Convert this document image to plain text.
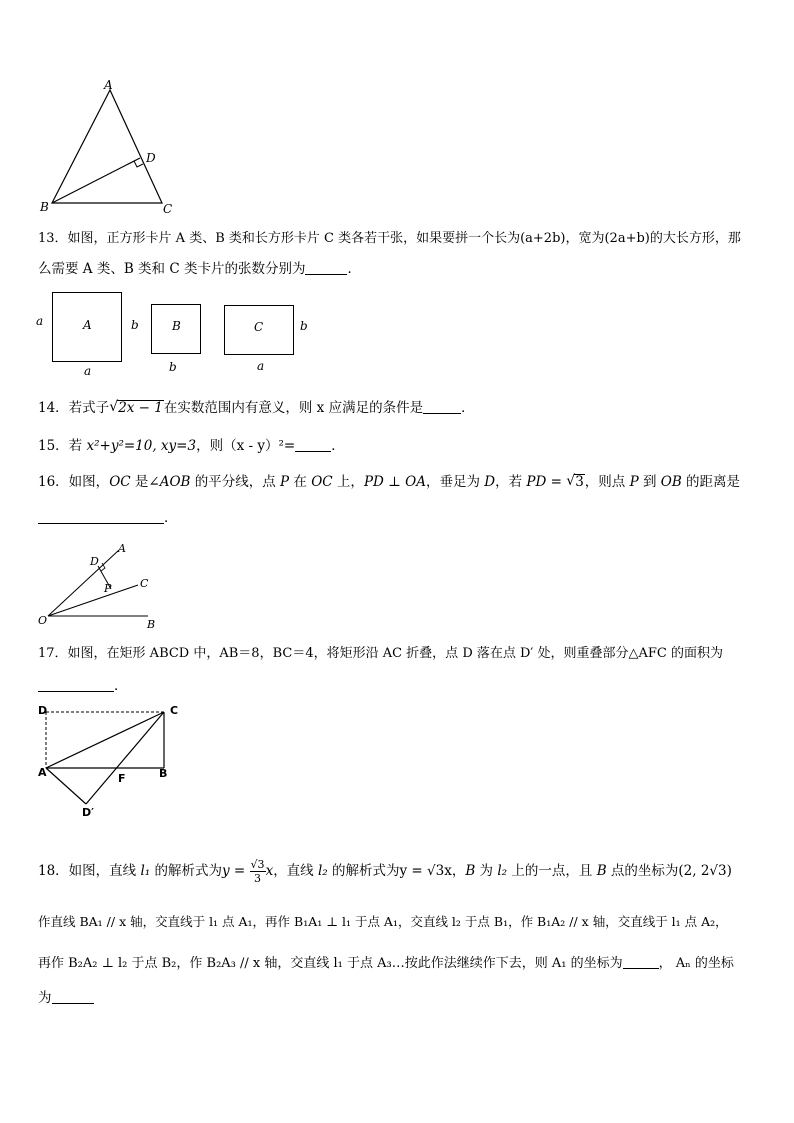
A
B	C
D
13．如图，正方形卡片 A 类、B 类和长方形卡片 C 类各若干张，如果要拼一个长为(a+2b)，宽为(2a+b)的大长方形，那
么需要 A 类、B 类和 C 类卡片的张数分别为	．
a	A
a
b	B
b
C	b
a
14．若式子 √ 2x − 1在实数范围内有意义，则 x 应满足的条件是	．
15．若 x²+y²=10, xy=3，则（x - y）²=	．
16．如图，OC 是∠AOB 的平分线，点 P 在 OC 上，PD ⊥ OA，垂足为 D，若 PD = √ 3，则点 P 到 OB 的距离是
．
O
A
B
C
D
P
17．如图，在矩形 ABCD 中，AB＝8，BC＝4，将矩形沿 AC 折叠，点 D 落在点 D′ 处，则重叠部分△AFC 的面积为
．
D	C
A	B
F
D′
18．如图，直线 l₁ 的解析式为$y = \frac{√3}{3}$ x，直线 l₂ 的解析式为y = √3x，B 为 l₂ 上的一点，且 B 点的坐标为(2, 2√3)
作直线 BA₁ // x 轴，交直线于 l₁ 点 A₁，再作 B₁A₁ ⊥ l₁ 于点 A₁，交直线 l₂ 于点 B₁，作 B₁A₂ // x 轴，交直线于 l₁ 点 A₂，
再作 B₂A₂ ⊥ l₂ 于点 B₂，作 B₂A₃ // x 轴，交直线 l₁ 于点 A₃…按此作法继续作下去，则 A₁ 的坐标为	， Aₙ 的坐标
为
